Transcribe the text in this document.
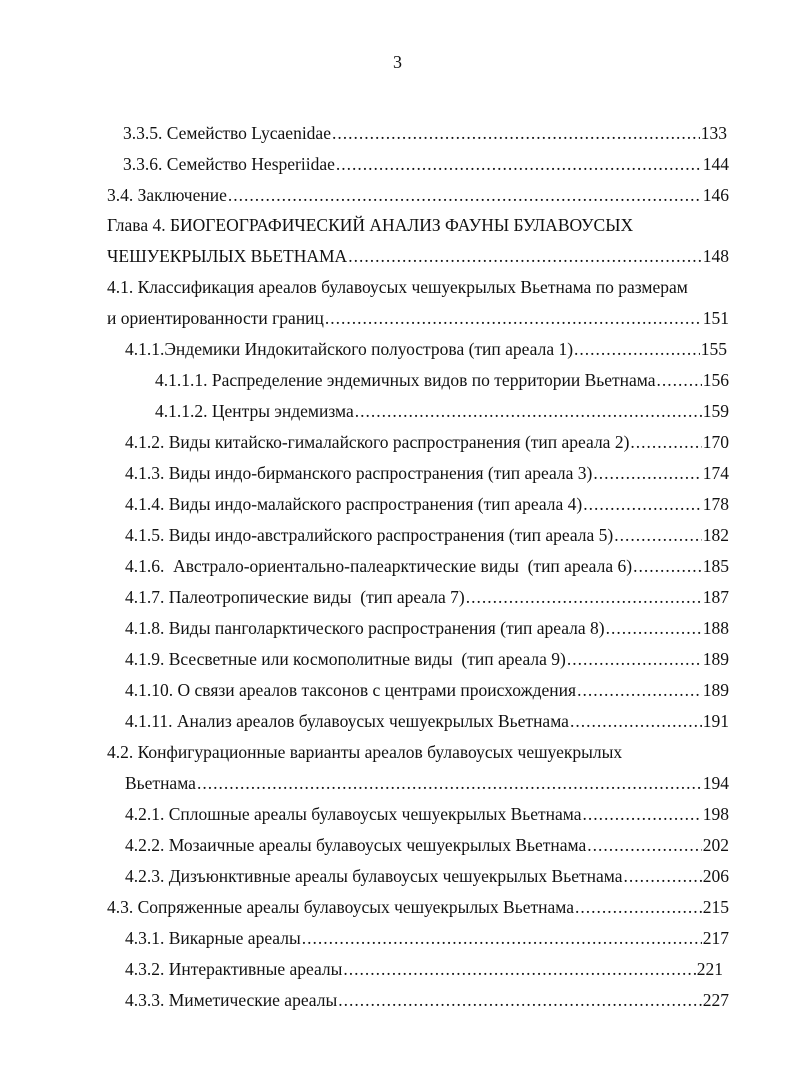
3
3.3.5. Семейство Lycaenidae .....	133
3.3.6. Семейство Hesperiidae .....	144
3.4. Заключение .....	146
Глава 4. БИОГЕОГРАФИЧЕСКИЙ АНАЛИЗ ФАУНЫ БУЛАВОУСЫХ
ЧЕШУЕКРЫЛЫХ ВЬЕТНАМА .....	148
4.1. Классификация ареалов булавоусых чешуекрылых Вьетнама по размерам
и ориентированности границ .....	151
4.1.1.Эндемики Индокитайского полуострова (тип ареала 1) .....	155
4.1.1.1. Распределение эндемичных видов по территории Вьетнама .....	156
4.1.1.2. Центры эндемизма .....	159
4.1.2. Виды китайско-гималайского распространения (тип ареала 2) .....	170
4.1.3. Виды индо-бирманского распространения (тип ареала 3) .....	174
4.1.4. Виды индо-малайского распространения (тип ареала 4) .....	178
4.1.5. Виды индо-австралийского распространения (тип ареала 5) .....	182
4.1.6.  Австрало-ориентально-палеарктические виды  (тип ареала 6) .....	185
4.1.7. Палеотропические виды  (тип ареала 7) .....	187
4.1.8. Виды панголарктического распространения (тип ареала 8) .....	188
4.1.9. Всесветные или космополитные виды  (тип ареала 9) .....	189
4.1.10. О связи ареалов таксонов с центрами происхождения .....	189
4.1.11. Анализ ареалов булавоусых чешуекрылых Вьетнама .....	191
4.2. Конфигурационные варианты ареалов булавоусых чешуекрылых
Вьетнама .....	194
4.2.1. Сплошные ареалы булавоусых чешуекрылых Вьетнама .....	198
4.2.2. Мозаичные ареалы булавоусых чешуекрылых Вьетнама .....	202
4.2.3. Дизъюнктивные ареалы булавоусых чешуекрылых Вьетнама .....	206
4.3. Сопряженные ареалы булавоусых чешуекрылых Вьетнама .....	215
4.3.1. Викарные ареалы .....	217
4.3.2. Интерактивные ареалы .....	221
4.3.3. Миметические ареалы .....	227
